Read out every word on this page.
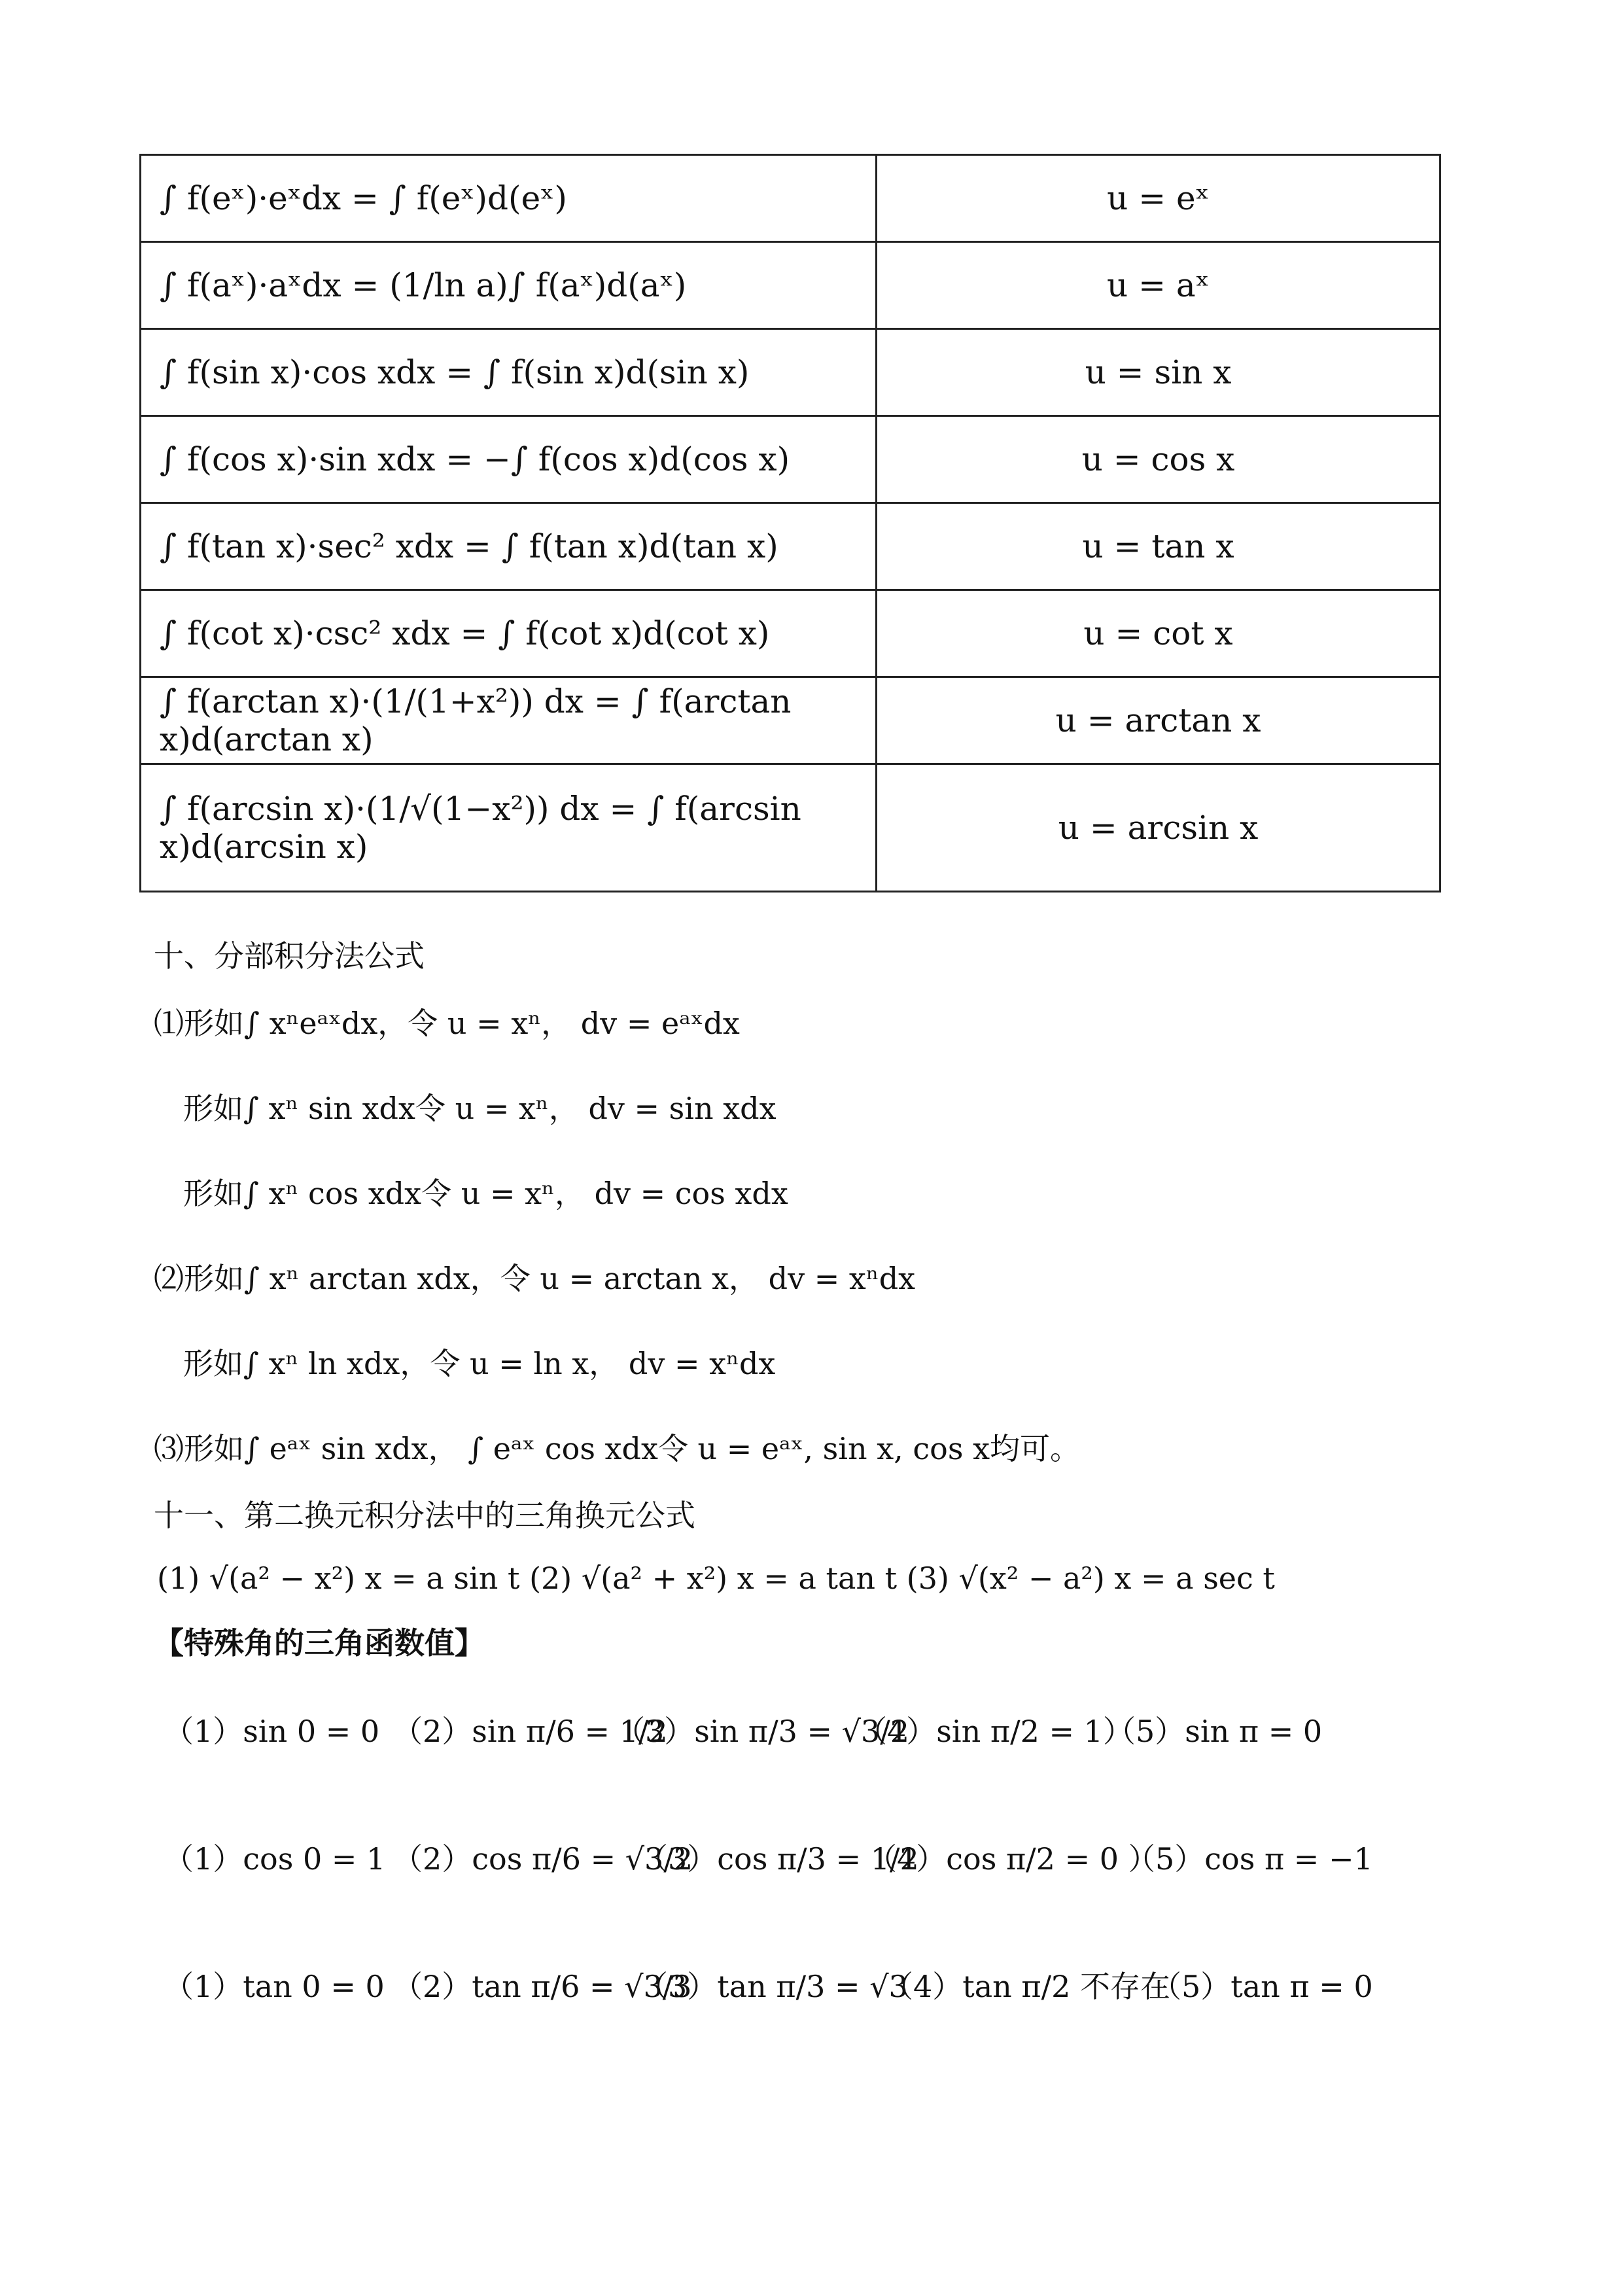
∫ f(eˣ)·eˣdx = ∫ f(eˣ)d(eˣ)	u = eˣ
∫ f(aˣ)·aˣdx = (1/ln a)∫ f(aˣ)d(aˣ)	u = aˣ
∫ f(sin x)·cos xdx = ∫ f(sin x)d(sin x)	u = sin x
∫ f(cos x)·sin xdx = −∫ f(cos x)d(cos x)	u = cos x
∫ f(tan x)·sec² xdx = ∫ f(tan x)d(tan x)	u = tan x
∫ f(cot x)·csc² xdx = ∫ f(cot x)d(cot x)	u = cot x
∫ f(arctan x)·(1/(1+x²)) dx = ∫ f(arctan x)d(arctan x)	u = arctan x
∫ f(arcsin x)·(1/√(1−x²)) dx = ∫ f(arcsin x)d(arcsin x)	u = arcsin x
十、分部积分法公式
⑴形如∫ xⁿeᵃˣdx，令 u = xⁿ， dv = eᵃˣdx
形如∫ xⁿ sin xdx令 u = xⁿ， dv = sin xdx
形如∫ xⁿ cos xdx令 u = xⁿ， dv = cos xdx
⑵形如∫ xⁿ arctan xdx，令 u = arctan x， dv = xⁿdx
形如∫ xⁿ ln xdx，令 u = ln x， dv = xⁿdx
⑶形如∫ eᵃˣ sin xdx， ∫ eᵃˣ cos xdx令 u = eᵃˣ, sin x, cos x均可。
十一、第二换元积分法中的三角换元公式
(1) √(a² − x²) x = a sin t (2) √(a² + x²) x = a tan t (3) √(x² − a²) x = a sec t
【特殊角的三角函数值】
（1）sin 0 = 0 （2）sin π/6 = 1/2
（3）sin π/3 = √3/2
（4）sin π/2 = 1）
（5）sin π = 0
（1）cos 0 = 1 （2）cos π/6 = √3/2
（3）cos π/3 = 1/2
（4）cos π/2 = 0 ）
（5）cos π = −1
（1）tan 0 = 0 （2）tan π/6 = √3/3
（3）tan π/3 = √3
（4）tan π/2 不存在
（5）tan π = 0
